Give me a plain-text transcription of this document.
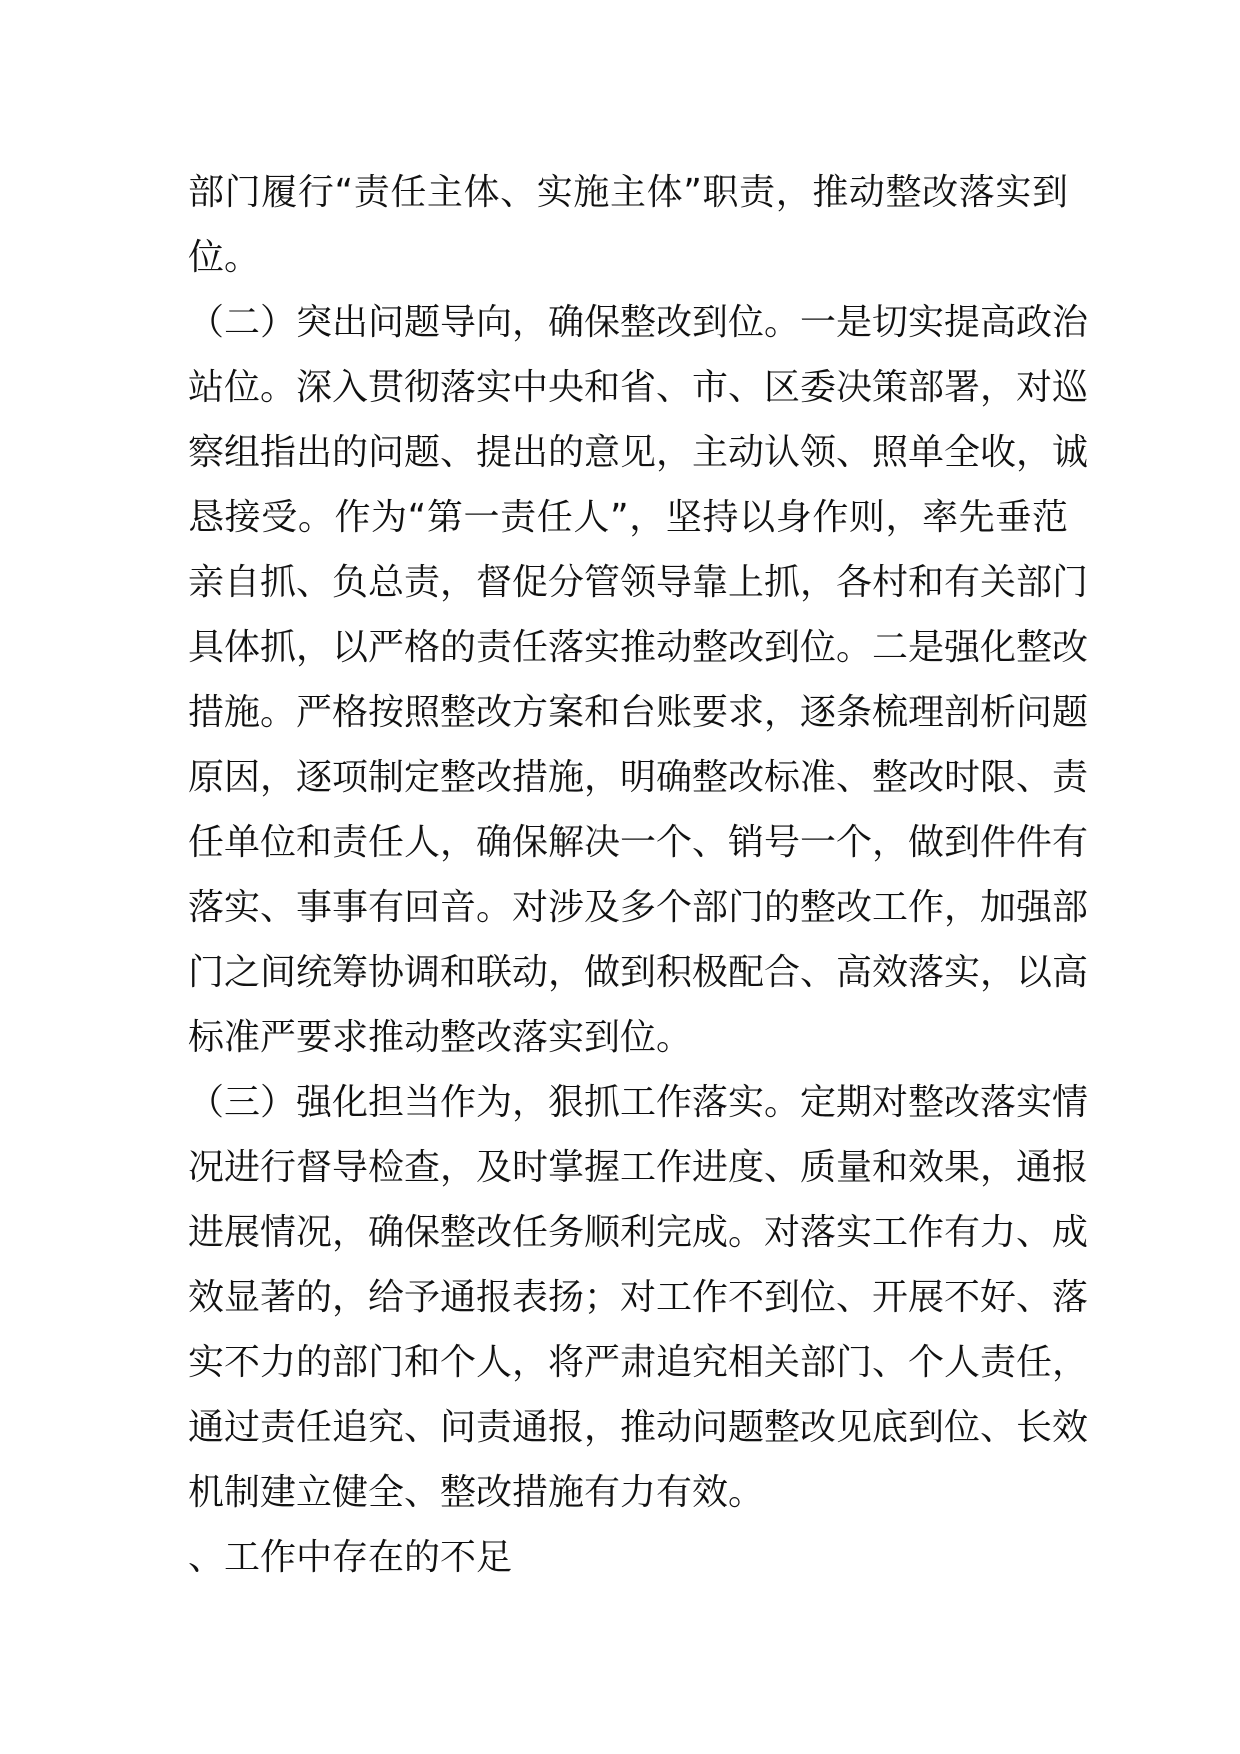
部门履行“责任主体、实施主体”职责，推动整改落实到
位。
（二）突出问题导向，确保整改到位。一是切实提高政治
站位。深入贯彻落实中央和省、市、区委决策部署，对巡
察组指出的问题、提出的意见，主动认领、照单全收，诚
恳接受。作为“第一责任人”，坚持以身作则，率先垂范
亲自抓、负总责，督促分管领导靠上抓，各村和有关部门
具体抓，以严格的责任落实推动整改到位。二是强化整改
措施。严格按照整改方案和台账要求，逐条梳理剖析问题
原因，逐项制定整改措施，明确整改标准、整改时限、责
任单位和责任人，确保解决一个、销号一个，做到件件有
落实、事事有回音。对涉及多个部门的整改工作，加强部
门之间统筹协调和联动，做到积极配合、高效落实，以高
标准严要求推动整改落实到位。
（三）强化担当作为，狠抓工作落实。定期对整改落实情
况进行督导检查，及时掌握工作进度、质量和效果，通报
进展情况，确保整改任务顺利完成。对落实工作有力、成
效显著的，给予通报表扬；对工作不到位、开展不好、落
实不力的部门和个人，将严肃追究相关部门、个人责任，
通过责任追究、问责通报，推动问题整改见底到位、长效
机制建立健全、整改措施有力有效。
、工作中存在的不足
